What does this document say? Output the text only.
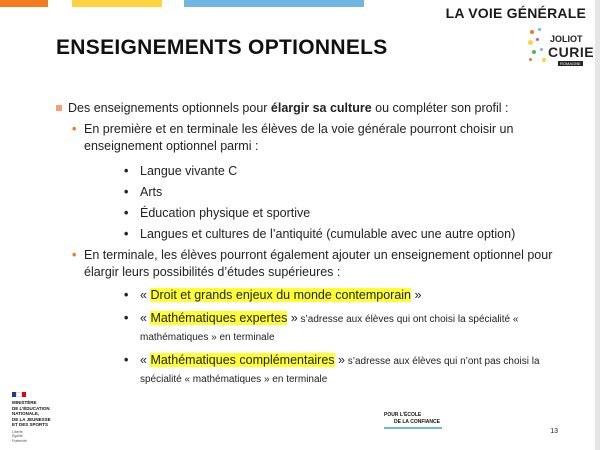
LA VOIE GÉNÉRALE
ENSEIGNEMENTS OPTIONNELS	JOLIOT
CURIE
ROMAGNE
Des enseignements optionnels pour élargir sa culture ou compléter son profil :
• En première et en terminale les élèves de la voie générale pourront choisir un enseignement optionnel parmi :
• Langue vivante C
• Arts
• Éducation physique et sportive
• Langues et cultures de l’antiquité (cumulable avec une autre option)
• En terminale, les élèves pourront également ajouter un enseignement optionnel pour élargir leurs possibilités d’études supérieures :
• « Droit et grands enjeux du monde contemporain »
• « Mathématiques expertes » s’adresse aux élèves qui ont choisi la spécialité « mathématiques » en terminale
• « Mathématiques complémentaires » s’adresse aux élèves qui n’ont pas choisi la spécialité « mathématiques » en terminale
MINISTÈRE
DE L’ÉDUCATION
NATIONALE,
DE LA JEUNESSE
ET DES SPORTS
Liberté
Égalité
Fraternité
POUR L’ÉCOLE
DE LA CONFIANCE
13
